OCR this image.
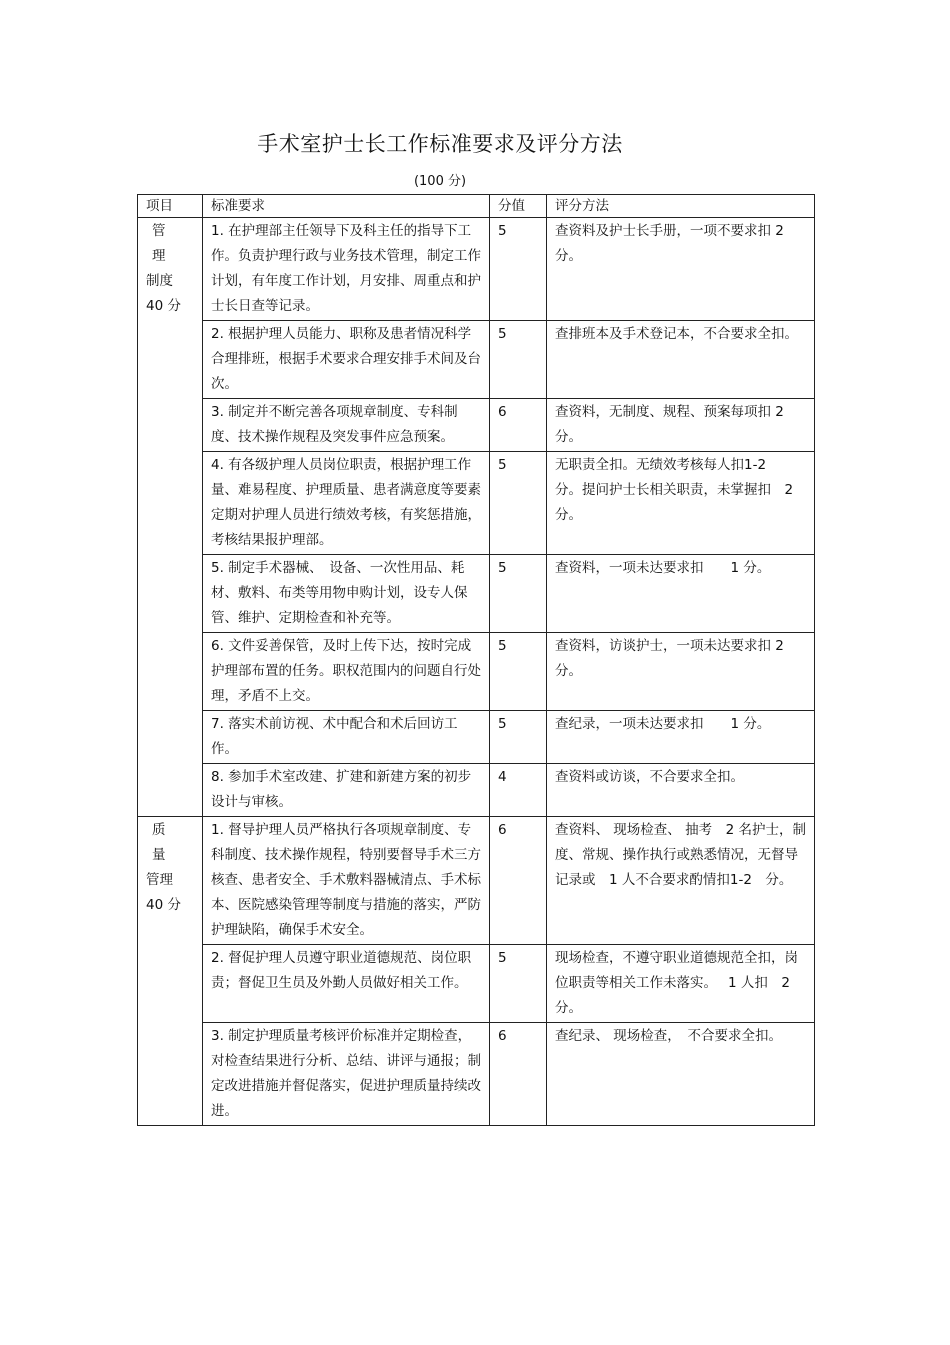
手术室护士长工作标准要求及评分方法
(100 分)
项目	标准要求	分值	评分方法

管　理
制度
40 分	1. 在护理部主任领导下及科主任的指导下工作。负责护理行政与业务技术管理，制定工作计划，有年度工作计划，月安排、周重点和护士长日查等记录。	5	查资料及护士长手册，一项不要求扣 2 分。
	2. 根据护理人员能力、职称及患者情况科学合理排班，根据手术要求合理安排手术间及台次。	5	查排班本及手术登记本，不合要求全扣。
	3. 制定并不断完善各项规章制度、专科制度、技术操作规程及突发事件应急预案。	6	查资料，无制度、规程、预案每项扣 2 分。
	4. 有各级护理人员岗位职责，根据护理工作量、难易程度、护理质量、患者满意度等要素定期对护理人员进行绩效考核，有奖惩措施，考核结果报护理部。	5	无职责全扣。无绩效考核每人扣1-2　分。提问护士长相关职责，未掌握扣　2 分。
	5. 制定手术器械、　设备、一次性用品、耗材、敷料、布类等用物申购计划，设专人保管、维护、定期检查和补充等。	5	查资料，一项未达要求扣　　1 分。
	6. 文件妥善保管，及时上传下达，按时完成护理部布置的任务。职权范围内的问题自行处理，矛盾不上交。	5	查资料，访谈护士，一项未达要求扣 2 分。
	7. 落实术前访视、术中配合和术后回访工作。	5	查纪录，一项未达要求扣　　1 分。
	8. 参加手术室改建、扩建和新建方案的初步设计与审核。	4	查资料或访谈，不合要求全扣。

质　量
管理
40 分	1. 督导护理人员严格执行各项规章制度、专科制度、技术操作规程，特别要督导手术三方核查、患者安全、手术敷料器械清点、手术标本、医院感染管理等制度与措施的落实，严防护理缺陷，确保手术安全。	6	查资料、 现场检查、 抽考　2 名护士，制度、常规、操作执行或熟悉情况，无督导记录或　1 人不合要求酌情扣1-2　分。
	2. 督促护理人员遵守职业道德规范、岗位职责；督促卫生员及外勤人员做好相关工作。	5	现场检查，不遵守职业道德规范全扣，岗位职责等相关工作未落实。　 1 人扣　2 分。
	3. 制定护理质量考核评价标准并定期检查，对检查结果进行分析、总结、讲评与通报；制定改进措施并督促落实，促进护理质量持续改进。	6	查纪录、 现场检查，　不合要求全扣。
